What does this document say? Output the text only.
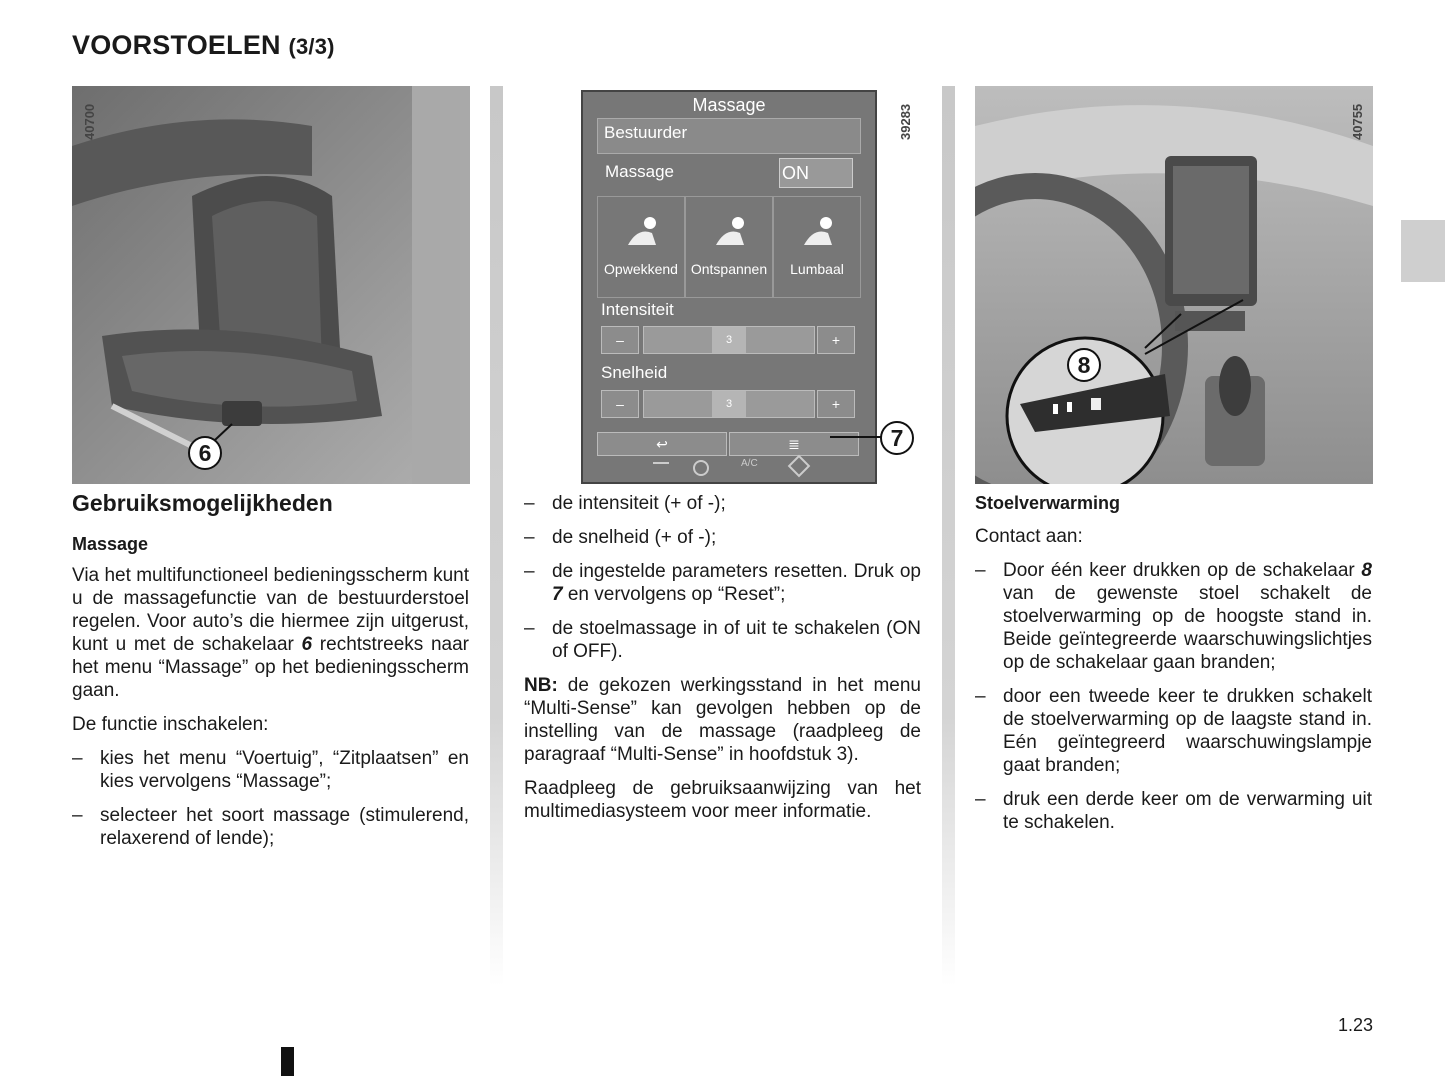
VOORSTOELEN (3/3)
40700
6
Massage
Bestuurder
Massage	ON
Opwekkend Ontspannen	Lumbaal
Intensiteit
–	3	+
Snelheid
–	3	+
↩	≣
A/C
39283
7
40755
8
Gebruiksmogelijkheden
Massage

Via het multifunctioneel bedieningsscherm kunt u de massagefunctie van de bestuurderstoel regelen. Voor auto’s die hiermee zijn uitgerust, kunt u met de schakelaar 6 rechtstreeks naar het menu “Massage” op het bedieningsscherm gaan.

De functie inschakelen:

– kies het menu “Voertuig”, “Zitplaatsen” en kies vervolgens “Massage”;
– selecteer het soort massage (stimulerend, relaxerend of lende);
– de intensiteit (+ of -);
– de snelheid (+ of -);
– de ingestelde parameters resetten. Druk op 7 en vervolgens op “Reset”;
– de stoelmassage in of uit te schakelen (ON of OFF).

NB: de gekozen werkingsstand in het menu “Multi-Sense” kan gevolgen hebben op de instelling van de massage (raadpleeg de paragraaf “Multi-Sense” in hoofdstuk 3).

Raadpleeg de gebruiksaanwijzing van het multimediasysteem voor meer informatie.

Stoelverwarming

Contact aan:

– Door één keer drukken op de schakelaar 8 van de gewenste stoel schakelt de stoelverwarming op de hoogste stand in. Beide geïntegreerde waarschuwingslichtjes op de schakelaar gaan branden;
– door een tweede keer te drukken schakelt de stoelverwarming op de laagste stand in. Eén geïntegreerd waarschuwingslampje gaat branden;
– druk een derde keer om de verwarming uit te schakelen.
1.23
